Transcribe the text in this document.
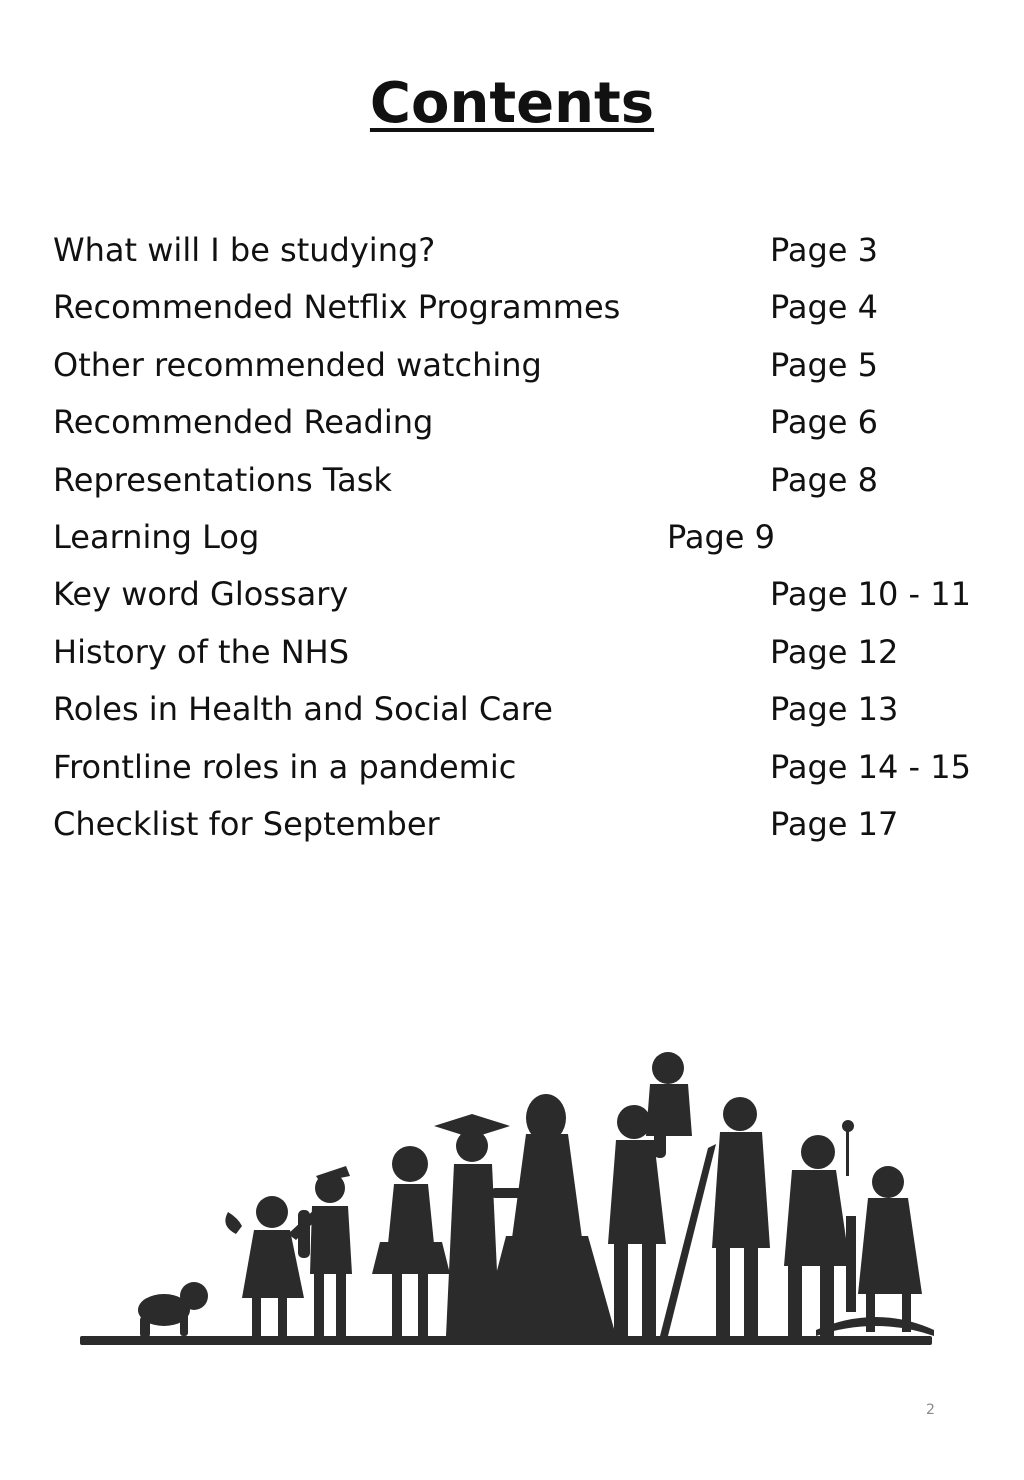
Contents
What will I be studying?	Page 3
Recommended Netflix Programmes	Page 4
Other recommended watching	Page 5
Recommended Reading	Page 6
Representations Task	Page 8
Learning Log	Page 9
Key word Glossary	Page 10 - 11
History of the NHS	Page 12
Roles in Health and Social Care	Page 13
Frontline roles in a pandemic	Page 14 - 15
Checklist for September	Page 17
2
